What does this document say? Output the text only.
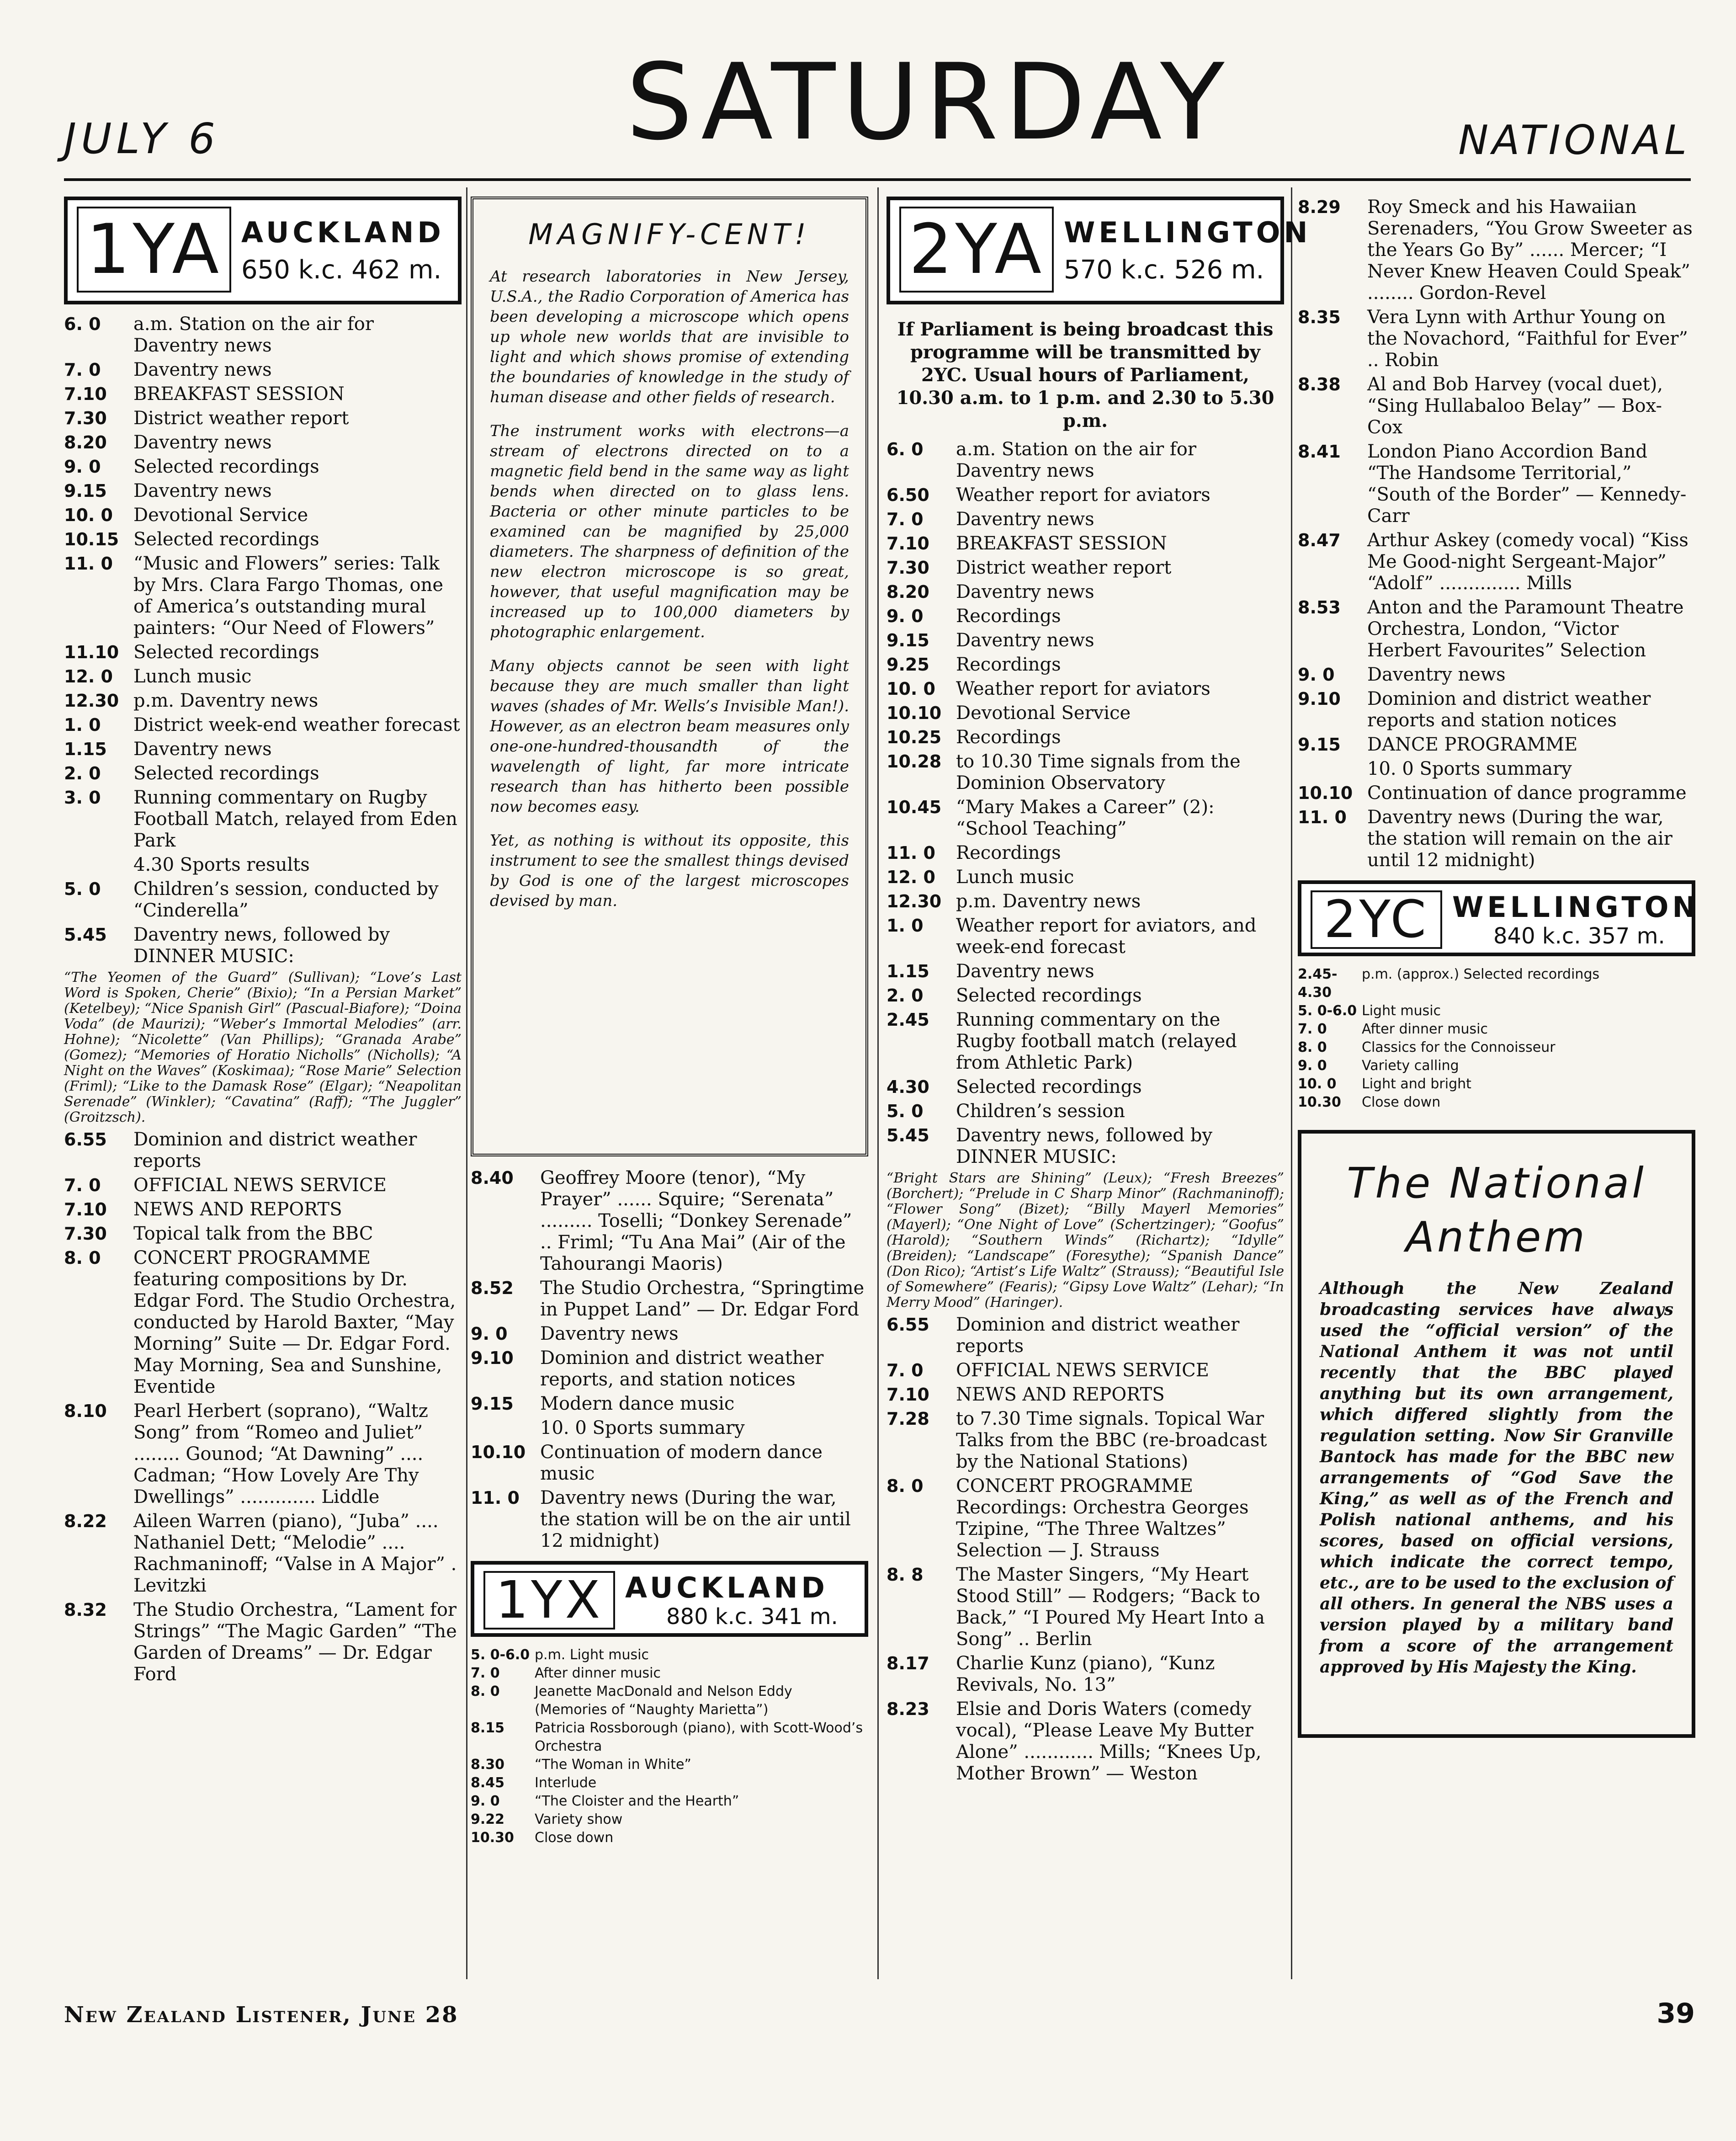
JULY 6	SATURDAY	NATIONAL
1YA AUCKLAND
650 k.c. 462 m.
6. 0	a.m. Station on the air for Daventry news
7. 0	Daventry news
7.10	BREAKFAST SESSION
7.30	District weather report
8.20	Daventry news
9. 0	Selected recordings
9.15	Daventry news
10. 0	Devotional Service
10.15 Selected recordings
11. 0	“Music and Flowers” series: Talk by Mrs. Clara Fargo Thomas, one of America’s outstanding mural painters: “Our Need of Flowers”
11.10 Selected recordings
12. 0	Lunch music
12.30 p.m. Daventry news
1. 0	District week-end weather forecast
1.15	Daventry news
2. 0	Selected recordings
3. 0	Running commentary on Rugby Football Match, relayed from Eden Park
4.30 Sports results
5. 0	Children’s session, conducted by “Cinderella”
5.45	Daventry news, followed by DINNER MUSIC:
“The Yeomen of the Guard” (Sullivan); “Love’s Last Word is Spoken, Cherie” (Bixio); “In a Persian Market” (Ketelbey); “Nice Spanish Girl” (Pascual-Biafore); “Doina Voda” (de Maurizi); “Weber’s Immortal Melodies” (arr. Hohne); “Nicolette” (Van Phillips); “Granada Arabe” (Gomez); “Memories of Horatio Nicholls” (Nicholls); “A Night on the Waves” (Koskimaa); “Rose Marie” Selection (Friml); “Like to the Damask Rose” (Elgar); “Neapolitan Serenade” (Winkler); “Cavatina” (Raff); “The Juggler” (Groitzsch).
6.55	Dominion and district weather reports
7. 0	OFFICIAL NEWS SERVICE
7.10	NEWS AND REPORTS
7.30	Topical talk from the BBC
8. 0	CONCERT PROGRAMME featuring compositions by Dr. Edgar Ford. The Studio Orchestra, conducted by Harold Baxter, “May Morning” Suite — Dr. Edgar Ford. May Morning, Sea and Sunshine, Eventide
8.10	Pearl Herbert (soprano), “Waltz Song” from “Romeo and Juliet” ........ Gounod; “At Dawning” .... Cadman; “How Lovely Are Thy Dwellings” ............. Liddle
8.22	Aileen Warren (piano), “Juba” .... Nathaniel Dett; “Melodie” .... Rachmaninoff; “Valse in A Major” . Levitzki
8.32	The Studio Orchestra, “Lament for Strings” “The Magic Garden” “The Garden of Dreams” — Dr. Edgar Ford
MAGNIFY-CENT!

At research laboratories in New Jersey, U.S.A., the Radio Corporation of America has been developing a microscope which opens up whole new worlds that are invisible to light and which shows promise of extending the boundaries of knowledge in the study of human disease and other fields of research.

The instrument works with electrons—a stream of electrons directed on to a magnetic field bend in the same way as light bends when directed on to glass lens. Bacteria or other minute particles to be examined can be magnified by 25,000 diameters. The sharpness of definition of the new electron microscope is so great, however, that useful magnification may be increased up to 100,000 diameters by photographic enlargement.

Many objects cannot be seen with light because they are much smaller than light waves (shades of Mr. Wells’s Invisible Man!). However, as an electron beam measures only one-one-hundred-thousandth of the wavelength of light, far more intricate research than has hitherto been possible now becomes easy.

Yet, as nothing is without its opposite, this instrument to see the smallest things devised by God is one of the largest microscopes devised by man.

8.40	Geoffrey Moore (tenor), “My Prayer” ...... Squire; “Serenata” ......... Toselli; “Donkey Serenade” .. Friml; “Tu Ana Mai” (Air of the Tahourangi Maoris)
8.52	The Studio Orchestra, “Springtime in Puppet Land” — Dr. Edgar Ford
9. 0	Daventry news
9.10	Dominion and district weather reports, and station notices
9.15	Modern dance music
10. 0 Sports summary
10.10 Continuation of modern dance music
11. 0	Daventry news (During the war, the station will be on the air until 12 midnight)
1YX AUCKLAND
880 k.c. 341 m.
5. 0-6.0 p.m. Light music
7. 0	After dinner music
8. 0	Jeanette MacDonald and Nelson Eddy (Memories of “Naughty Marietta”)
8.15	Patricia Rossborough (piano), with Scott-Wood’s Orchestra
8.30	“The Woman in White”
8.45	Interlude
9. 0	“The Cloister and the Hearth”
9.22	Variety show
10.30	Close down
2YA WELLINGTON
570 k.c. 526 m.
If Parliament is being broadcast this programme will be transmitted by 2YC. Usual hours of Parliament, 10.30 a.m. to 1 p.m. and 2.30 to 5.30 p.m.
6. 0	a.m. Station on the air for Daventry news
6.50	Weather report for aviators
7. 0	Daventry news
7.10	BREAKFAST SESSION
7.30	District weather report
8.20	Daventry news
9. 0	Recordings
9.15	Daventry news
9.25	Recordings
10. 0	Weather report for aviators
10.10 Devotional Service
10.25 Recordings
10.28 to 10.30 Time signals from the Dominion Observatory
10.45 “Mary Makes a Career” (2): “School Teaching”
11. 0	Recordings
12. 0	Lunch music
12.30 p.m. Daventry news
1. 0	Weather report for aviators, and week-end forecast
1.15	Daventry news
2. 0	Selected recordings
2.45	Running commentary on the Rugby football match (relayed from Athletic Park)
4.30	Selected recordings
5. 0	Children’s session
5.45	Daventry news, followed by DINNER MUSIC:
“Bright Stars are Shining” (Leux); “Fresh Breezes” (Borchert); “Prelude in C Sharp Minor” (Rachmaninoff); “Flower Song” (Bizet); “Billy Mayerl Memories” (Mayerl); “One Night of Love” (Schertzinger); “Goofus” (Harold); “Southern Winds” (Richartz); “Idylle” (Breiden); “Landscape” (Foresythe); “Spanish Dance” (Don Rico); “Artist’s Life Waltz” (Strauss); “Beautiful Isle of Somewhere” (Fearis); “Gipsy Love Waltz” (Lehar); “In Merry Mood” (Haringer).
6.55	Dominion and district weather reports
7. 0	OFFICIAL NEWS SERVICE
7.10	NEWS AND REPORTS
7.28	to 7.30 Time signals. Topical War Talks from the BBC (re-broadcast by the National Stations)
8. 0	CONCERT PROGRAMME Recordings: Orchestra Georges Tzipine, “The Three Waltzes” Selection — J. Strauss
8. 8	The Master Singers, “My Heart Stood Still” — Rodgers; “Back to Back,” “I Poured My Heart Into a Song” .. Berlin
8.17	Charlie Kunz (piano), “Kunz Revivals, No. 13”
8.23	Elsie and Doris Waters (comedy vocal), “Please Leave My Butter Alone” ............ Mills; “Knees Up, Mother Brown” — Weston
8.29	Roy Smeck and his Hawaiian Serenaders, “You Grow Sweeter as the Years Go By” ...... Mercer; “I Never Knew Heaven Could Speak” ........ Gordon-Revel
8.35	Vera Lynn with Arthur Young on the Novachord, “Faithful for Ever” .. Robin
8.38	Al and Bob Harvey (vocal duet), “Sing Hullabaloo Belay” — Box-Cox
8.41	London Piano Accordion Band “The Handsome Territorial,” “South of the Border” — Kennedy-Carr
8.47	Arthur Askey (comedy vocal) “Kiss Me Good-night Sergeant-Major” “Adolf” .............. Mills
8.53	Anton and the Paramount Theatre Orchestra, London, “Victor Herbert Favourites” Selection
9. 0	Daventry news
9.10	Dominion and district weather reports and station notices
9.15	DANCE PROGRAMME
10. 0 Sports summary
10.10 Continuation of dance programme
11. 0	Daventry news (During the war, the station will remain on the air until 12 midnight)
2YC WELLINGTON
840 k.c. 357 m.
2.45-4.30
p.m. (approx.) Selected recordings
5. 0-6.0 Light music
7. 0	After dinner music
8. 0	Classics for the Connoisseur
9. 0	Variety calling
10. 0	Light and bright
10.30	Close down
The National Anthem
Although the New Zealand broadcasting services have always used the “official version” of the National Anthem it was not until recently that the BBC played anything but its own arrangement, which differed slightly from the regulation setting. Now Sir Granville Bantock has made for the BBC new arrangements of “God Save the King,” as well as of the French and Polish national anthems, and his scores, based on official versions, which indicate the correct tempo, etc., are to be used to the exclusion of all others. In general the NBS uses a version played by a military band from a score of the arrangement approved by His Majesty the King.
New Zealand Listener, June 28	39
